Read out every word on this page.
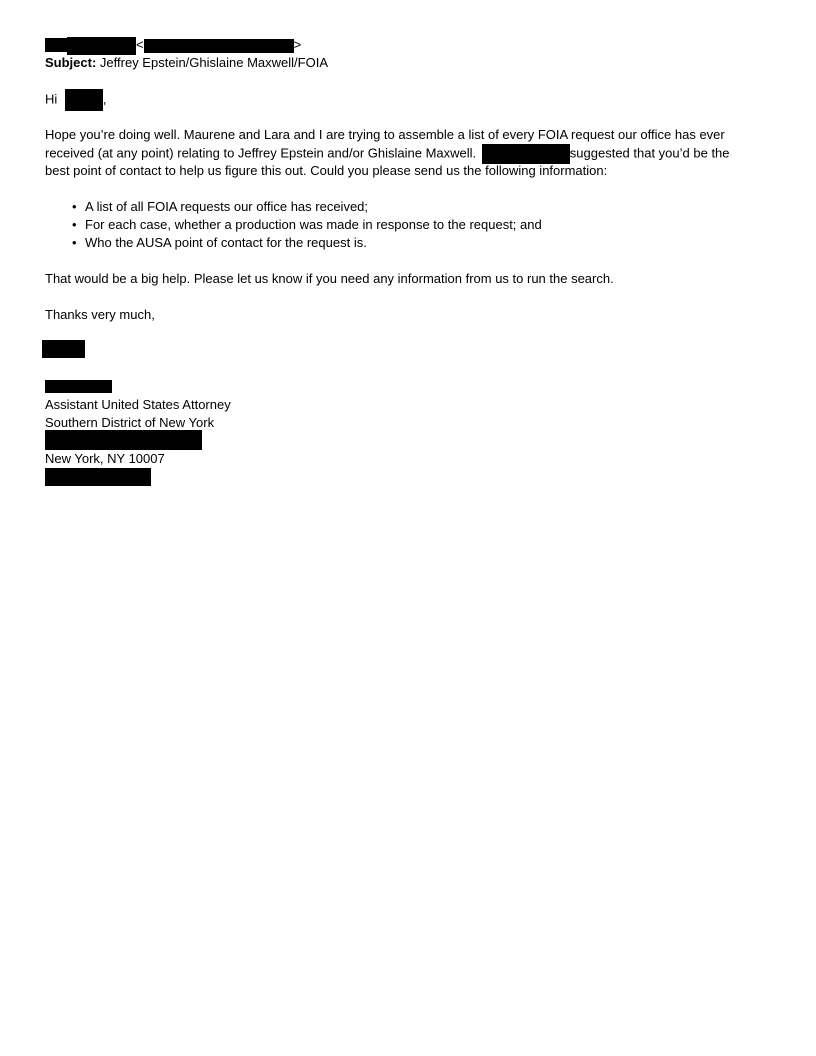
<	>
Subject: Jeffrey Epstein/Ghislaine Maxwell/FOIA
Hi	,
Hope you’re doing well. Maurene and Lara and I are trying to assemble a list of every FOIA request our office has ever
received (at any point) relating to Jeffrey Epstein and/or Ghislaine Maxwell.	suggested that you’d be the
best point of contact to help us figure this out. Could you please send us the following information:
• A list of all FOIA requests our office has received;
• For each case, whether a production was made in response to the request; and
• Who the AUSA point of contact for the request is.
That would be a big help. Please let us know if you need any information from us to run the search.
Thanks very much,
Assistant United States Attorney
Southern District of New York
New York, NY 10007
